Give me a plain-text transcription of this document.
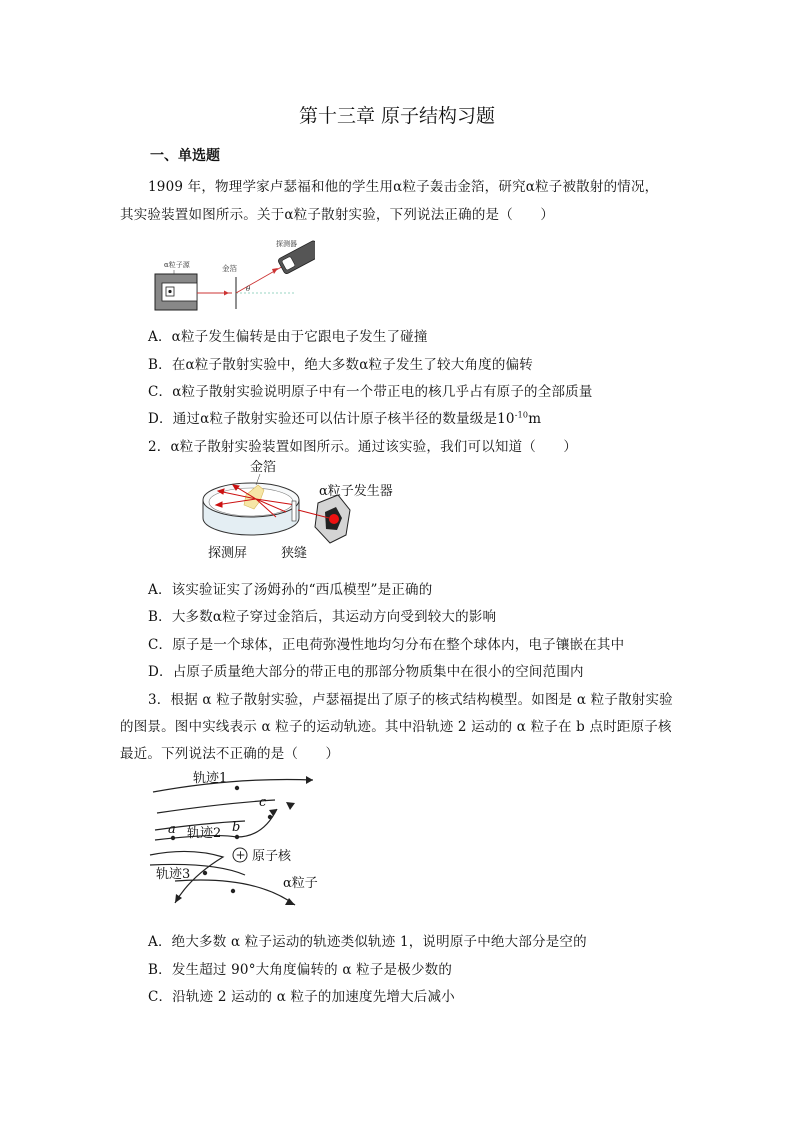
第十三章 原子结构习题
一、单选题
1909 年，物理学家卢瑟福和他的学生用α粒子轰击金箔，研究α粒子被散射的情况，
其实验装置如图所示。关于α粒子散射实验，下列说法正确的是（　　）
α粒子源	金箔
θ
探测器
A．α粒子发生偏转是由于它跟电子发生了碰撞
B．在α粒子散射实验中，绝大多数α粒子发生了较大角度的偏转
C．α粒子散射实验说明原子中有一个带正电的核几乎占有原子的全部质量
D．通过α粒子散射实验还可以估计原子核半径的数量级是$10^{-10}m$
2．α粒子散射实验装置如图所示。通过该实验，我们可以知道（　　）
金箔
α粒子发生器
探测屏	狭缝
A．该实验证实了汤姆孙的“西瓜模型”是正确的
B．大多数α粒子穿过金箔后，其运动方向受到较大的影响
C．原子是一个球体，正电荷弥漫性地均匀分布在整个球体内，电子镶嵌在其中
D．占原子质量绝大部分的带正电的那部分物质集中在很小的空间范围内
3．根据 α 粒子散射实验，卢瑟福提出了原子的核式结构模型。如图是 α 粒子散射实验
的图景。图中实线表示 α 粒子的运动轨迹。其中沿轨迹 2 运动的 α 粒子在 b 点时距原子核
最近。下列说法不正确的是（　　）
+
轨迹1
c
a 轨迹2 b
原子核
轨迹3
α粒子
A．绝大多数 α 粒子运动的轨迹类似轨迹 1，说明原子中绝大部分是空的
B．发生超过 90°大角度偏转的 α 粒子是极少数的
C．沿轨迹 2 运动的 α 粒子的加速度先增大后减小
